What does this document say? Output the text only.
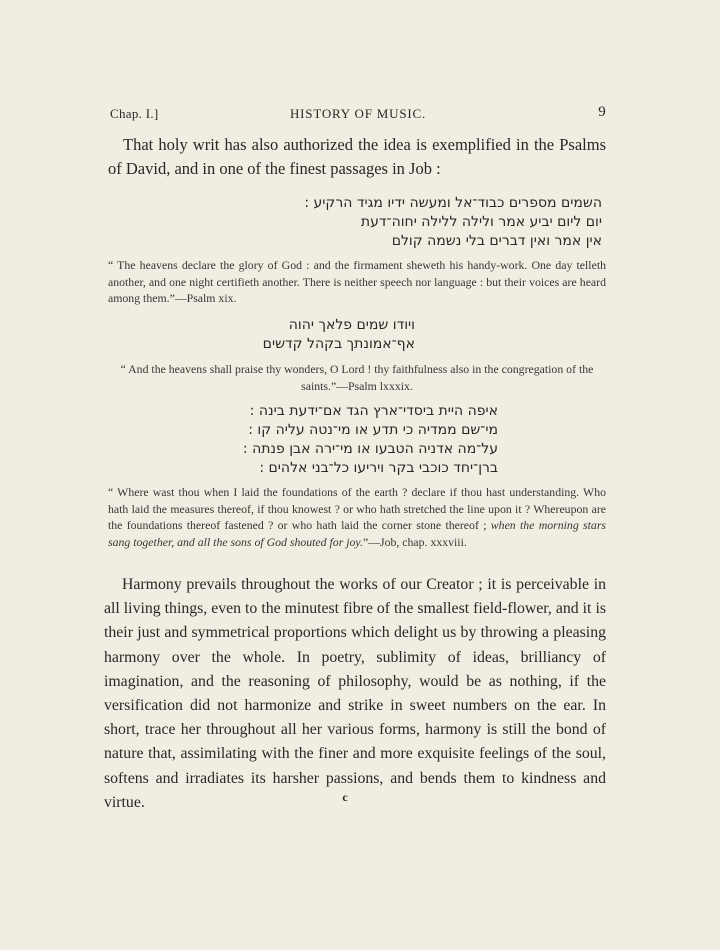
Chap. I.]	HISTORY OF MUSIC.	9
That holy writ has also authorized the idea is exemplified in the Psalms of David, and in one of the finest passages in Job :
השמים מספרים כבוד־אל ומעשה ידיו מגיד הרקיע :
יום ליום יביע אמר ולילה ללילה יחוה־דעת
אין אמר ואין דברים בלי נשמה קולם
“ The heavens declare the glory of God : and the firmament sheweth his handy-work. One day telleth another, and one night certifieth another. There is neither speech nor language : but their voices are heard among them.”—Psalm xix.
ויודו שמים פלאך יהוה
אף־אמונתך בקהל קדשים
“ And the heavens shall praise thy wonders, O Lord ! thy faithfulness also in the congregation of the saints.”—Psalm lxxxix.
איפה היית ביסדי־ארץ הגד אם־ידעת בינה :
מי־שם ממדיה כי תדע או מי־נטה עליה קו :
על־מה אדניה הטבעו או מי־ירה אבן פנתה :
ברן־יחד כוכבי בקר ויריעו כל־בני אלהים :
“ Where wast thou when I laid the foundations of the earth ? declare if thou hast understanding. Who hath laid the measures thereof, if thou knowest ? or who hath stretched the line upon it ? Whereupon are the foundations thereof fastened ? or who hath laid the corner stone thereof ; when the morning stars sang together, and all the sons of God shouted for joy.”—Job, chap. xxxviii.

Harmony prevails throughout the works of our Creator ; it is perceivable in all living things, even to the minutest fibre of the smallest field-flower, and it is their just and symmetrical proportions which delight us by throwing a pleasing harmony over the whole. In poetry, sublimity of ideas, brilliancy of imagination, and the reasoning of philosophy, would be as nothing, if the versification did not harmonize and strike in sweet numbers on the ear. In short, trace her throughout all her various forms, harmony is still the bond of nature that, assimilating with the finer and more exquisite feelings of the soul, softens and irradiates its harsher passions, and bends them to kindness and virtue.	c
